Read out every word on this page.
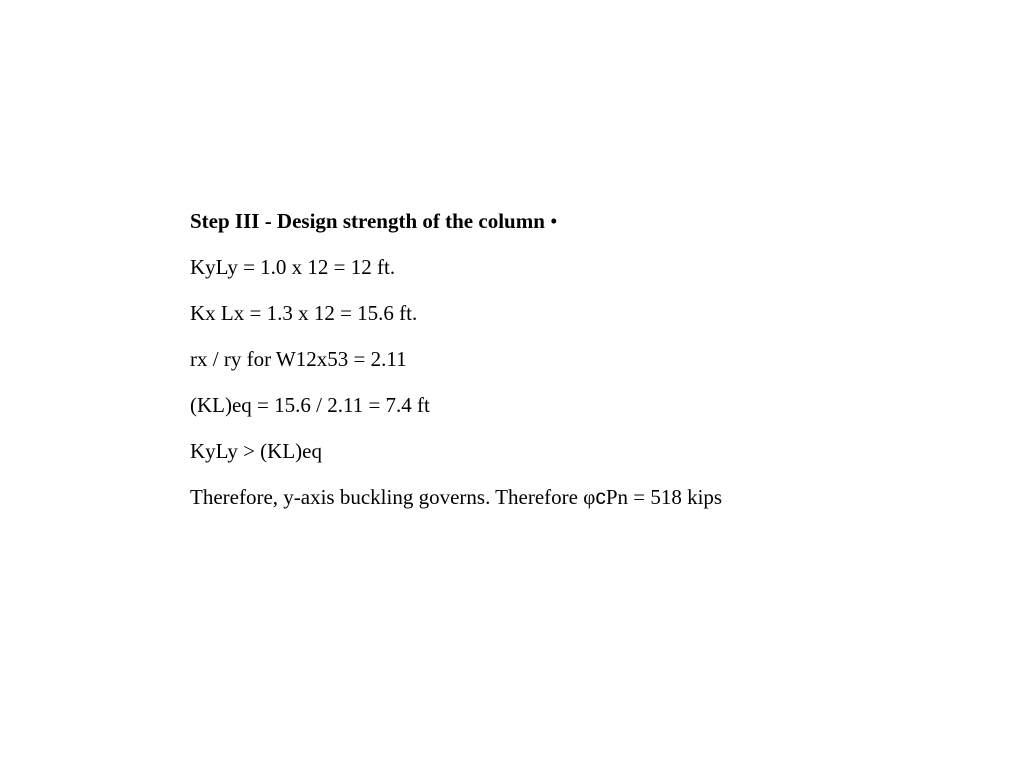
Step III - Design strength of the column •
KyLy = 1.0 x 12 = 12 ft.
Kx Lx = 1.3 x 12 = 15.6 ft.
rx / ry for W12x53 = 2.11
(KL)eq = 15.6 / 2.11 = 7.4 ft
KyLy > (KL)eq
Therefore, y-axis buckling governs. Therefore φcPn = 518 kips
